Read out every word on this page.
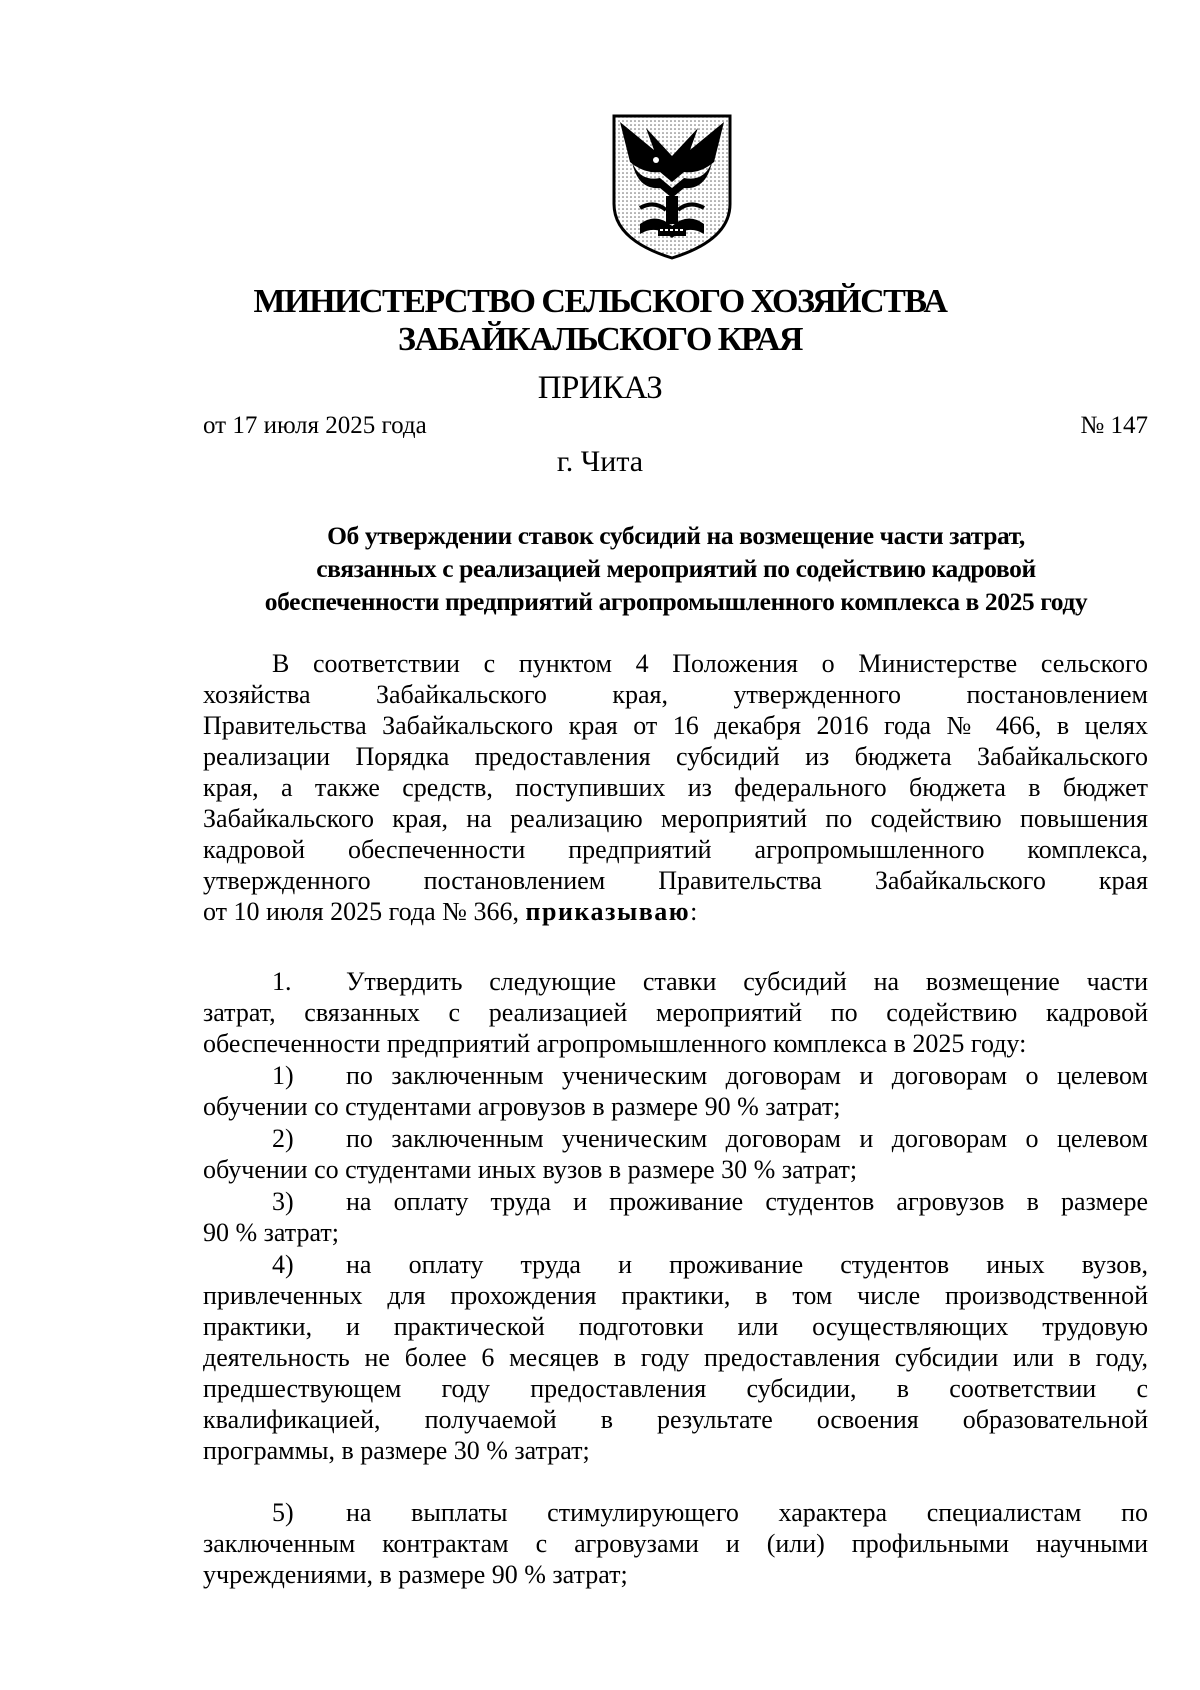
МИНИСТЕРСТВО СЕЛЬСКОГО ХОЗЯЙСТВА
ЗАБАЙКАЛЬСКОГО КРАЯ
ПРИКАЗ
от 17 июля 2025 года	№ 147
г. Чита

Об утверждении ставок субсидий на возмещение части затрат,

связанных с реализацией мероприятий по содействию кадровой

обеспеченности предприятий агропромышленного комплекса в 2025 году

В соответствии с пунктом 4 Положения о Министерстве сельского

хозяйства Забайкальского края, утвержденного постановлением

Правительства Забайкальского края от 16 декабря 2016 года № 466, в целях

реализации Порядка предоставления субсидий из бюджета Забайкальского

края, а также средств, поступивших из федерального бюджета в бюджет

Забайкальского края, на реализацию мероприятий по содействию повышения

кадровой обеспеченности предприятий агропромышленного комплекса,

утвержденного постановлением Правительства Забайкальского края

от 10 июля 2025 года № 366, приказываю:

1. Утвердить следующие ставки субсидий на возмещение части

затрат, связанных с реализацией мероприятий по содействию кадровой

обеспеченности предприятий агропромышленного комплекса в 2025 году:

1) по заключенным ученическим договорам и договорам о целевом

обучении со студентами агровузов в размере 90 % затрат;

2) по заключенным ученическим договорам и договорам о целевом

обучении со студентами иных вузов в размере 30 % затрат;

3) на оплату труда и проживание студентов агровузов в размере

90 % затрат;

4) на оплату труда и проживание студентов иных вузов,

привлеченных для прохождения практики, в том числе производственной

практики, и практической подготовки или осуществляющих трудовую

деятельность не более 6 месяцев в году предоставления субсидии или в году,

предшествующем году предоставления субсидии, в соответствии с

квалификацией, получаемой в результате освоения образовательной

программы, в размере 30 % затрат;

5) на выплаты стимулирующего характера специалистам по

заключенным контрактам с агровузами и (или) профильными научными

учреждениями, в размере 90 % затрат;
